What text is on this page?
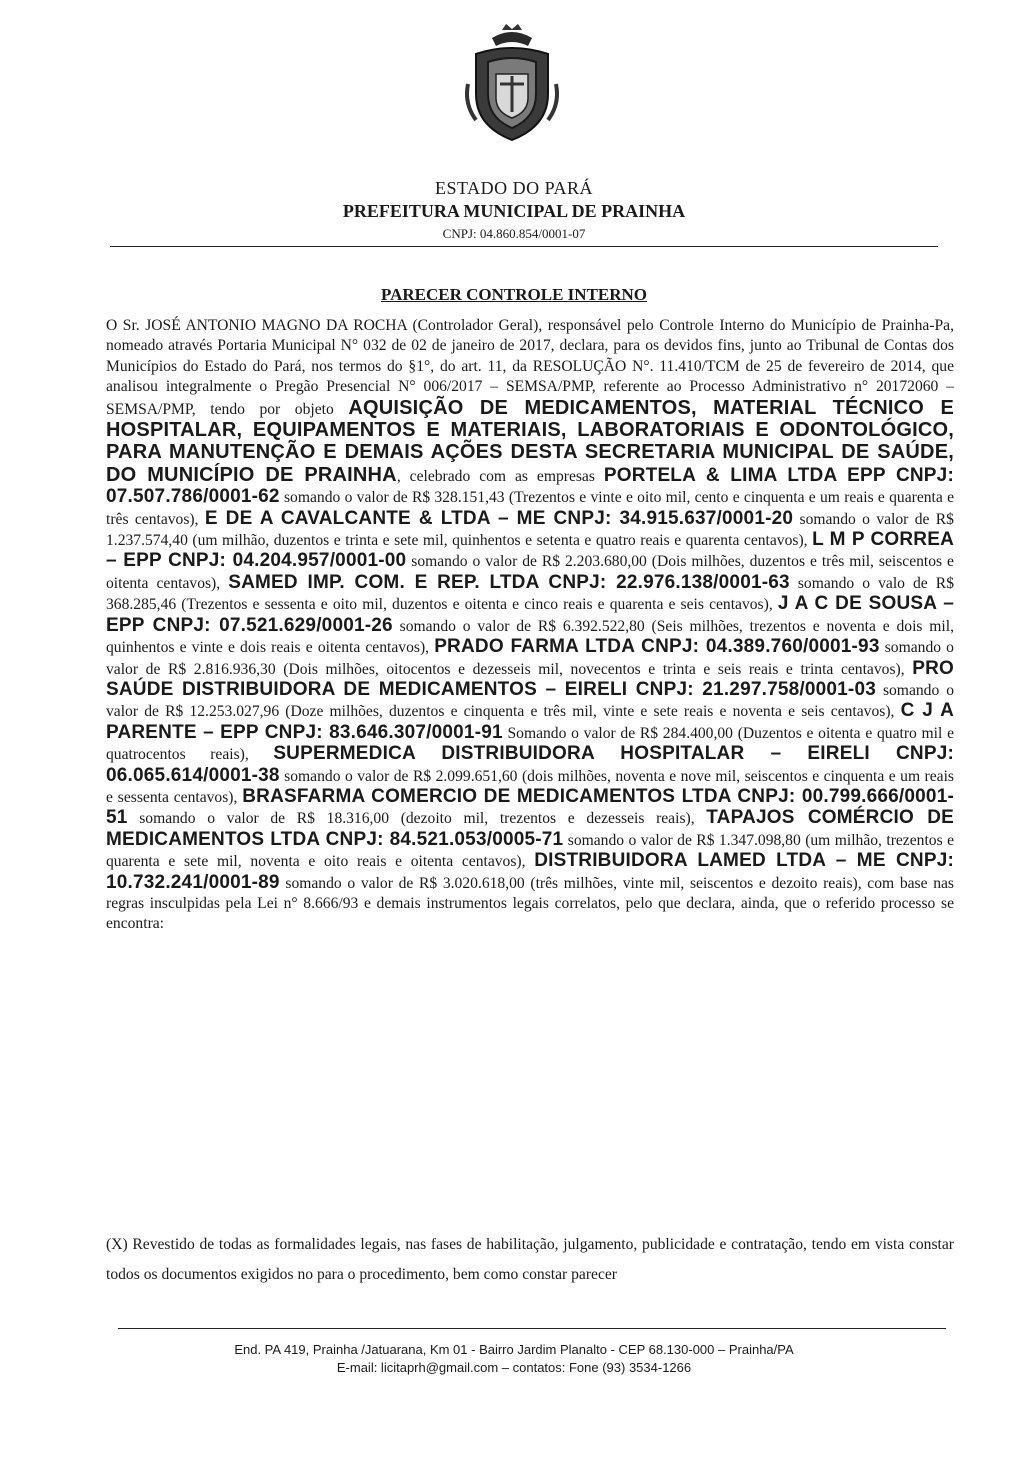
ESTADO DO PARÁ
PREFEITURA MUNICIPAL DE PRAINHA
CNPJ: 04.860.854/0001-07
PARECER CONTROLE INTERNO
O Sr. JOSÉ ANTONIO MAGNO DA ROCHA (Controlador Geral), responsável pelo Controle Interno do Município de Prainha-Pa, nomeado através Portaria Municipal N° 032 de 02 de janeiro de 2017, declara, para os devidos fins, junto ao Tribunal de Contas dos Municípios do Estado do Pará, nos termos do §1°, do art. 11, da RESOLUÇÃO N°. 11.410/TCM de 25 de fevereiro de 2014, que analisou integralmente o Pregão Presencial N° 006/2017 – SEMSA/PMP, referente ao Processo Administrativo n° 20172060 – SEMSA/PMP, tendo por objeto AQUISIÇÃO DE MEDICAMENTOS, MATERIAL TÉCNICO E HOSPITALAR, EQUIPAMENTOS E MATERIAIS, LABORATORIAIS E ODONTOLÓGICO, PARA MANUTENÇÃO E DEMAIS AÇÕES DESTA SECRETARIA MUNICIPAL DE SAÚDE, DO MUNICÍPIO DE PRAINHA, celebrado com as empresas PORTELA & LIMA LTDA EPP CNPJ: 07.507.786/0001-62 somando o valor de R$ 328.151,43 (Trezentos e vinte e oito mil, cento e cinquenta e um reais e quarenta e três centavos), E DE A CAVALCANTE & LTDA – ME CNPJ: 34.915.637/0001-20 somando o valor de R$ 1.237.574,40 (um milhão, duzentos e trinta e sete mil, quinhentos e setenta e quatro reais e quarenta centavos), L M P CORREA – EPP CNPJ: 04.204.957/0001-00 somando o valor de R$ 2.203.680,00 (Dois milhões, duzentos e três mil, seiscentos e oitenta centavos), SAMED IMP. COM. E REP. LTDA CNPJ: 22.976.138/0001-63 somando o valo de R$ 368.285,46 (Trezentos e sessenta e oito mil, duzentos e oitenta e cinco reais e quarenta e seis centavos), J A C DE SOUSA – EPP CNPJ: 07.521.629/0001-26 somando o valor de R$ 6.392.522,80 (Seis milhões, trezentos e noventa e dois mil, quinhentos e vinte e dois reais e oitenta centavos), PRADO FARMA LTDA CNPJ: 04.389.760/0001-93 somando o valor de R$ 2.816.936,30 (Dois milhões, oitocentos e dezesseis mil, novecentos e trinta e seis reais e trinta centavos), PRO SAÚDE DISTRIBUIDORA DE MEDICAMENTOS – EIRELI CNPJ: 21.297.758/0001-03 somando o valor de R$ 12.253.027,96 (Doze milhões, duzentos e cinquenta e três mil, vinte e sete reais e noventa e seis centavos), C J A PARENTE – EPP CNPJ: 83.646.307/0001-91 Somando o valor de R$ 284.400,00 (Duzentos e oitenta e quatro mil e quatrocentos reais), SUPERMEDICA DISTRIBUIDORA HOSPITALAR – EIRELI CNPJ: 06.065.614/0001-38 somando o valor de R$ 2.099.651,60 (dois milhões, noventa e nove mil, seiscentos e cinquenta e um reais e sessenta centavos), BRASFARMA COMERCIO DE MEDICAMENTOS LTDA CNPJ: 00.799.666/0001-51 somando o valor de R$ 18.316,00 (dezoito mil, trezentos e dezesseis reais), TAPAJOS COMÉRCIO DE MEDICAMENTOS LTDA CNPJ: 84.521.053/0005-71 somando o valor de R$ 1.347.098,80 (um milhão, trezentos e quarenta e sete mil, noventa e oito reais e oitenta centavos), DISTRIBUIDORA LAMED LTDA – ME CNPJ: 10.732.241/0001-89 somando o valor de R$ 3.020.618,00 (três milhões, vinte mil, seiscentos e dezoito reais), com base nas regras insculpidas pela Lei n° 8.666/93 e demais instrumentos legais correlatos, pelo que declara, ainda, que o referido processo se encontra:
(X) Revestido de todas as formalidades legais, nas fases de habilitação, julgamento, publicidade e contratação, tendo em vista constar todos os documentos exigidos no para o procedimento, bem como constar parecer
End. PA 419, Prainha /Jatuarana, Km 01 - Bairro Jardim Planalto - CEP 68.130-000 – Prainha/PA
E-mail: licitaprh@gmail.com – contatos: Fone (93) 3534-1266
